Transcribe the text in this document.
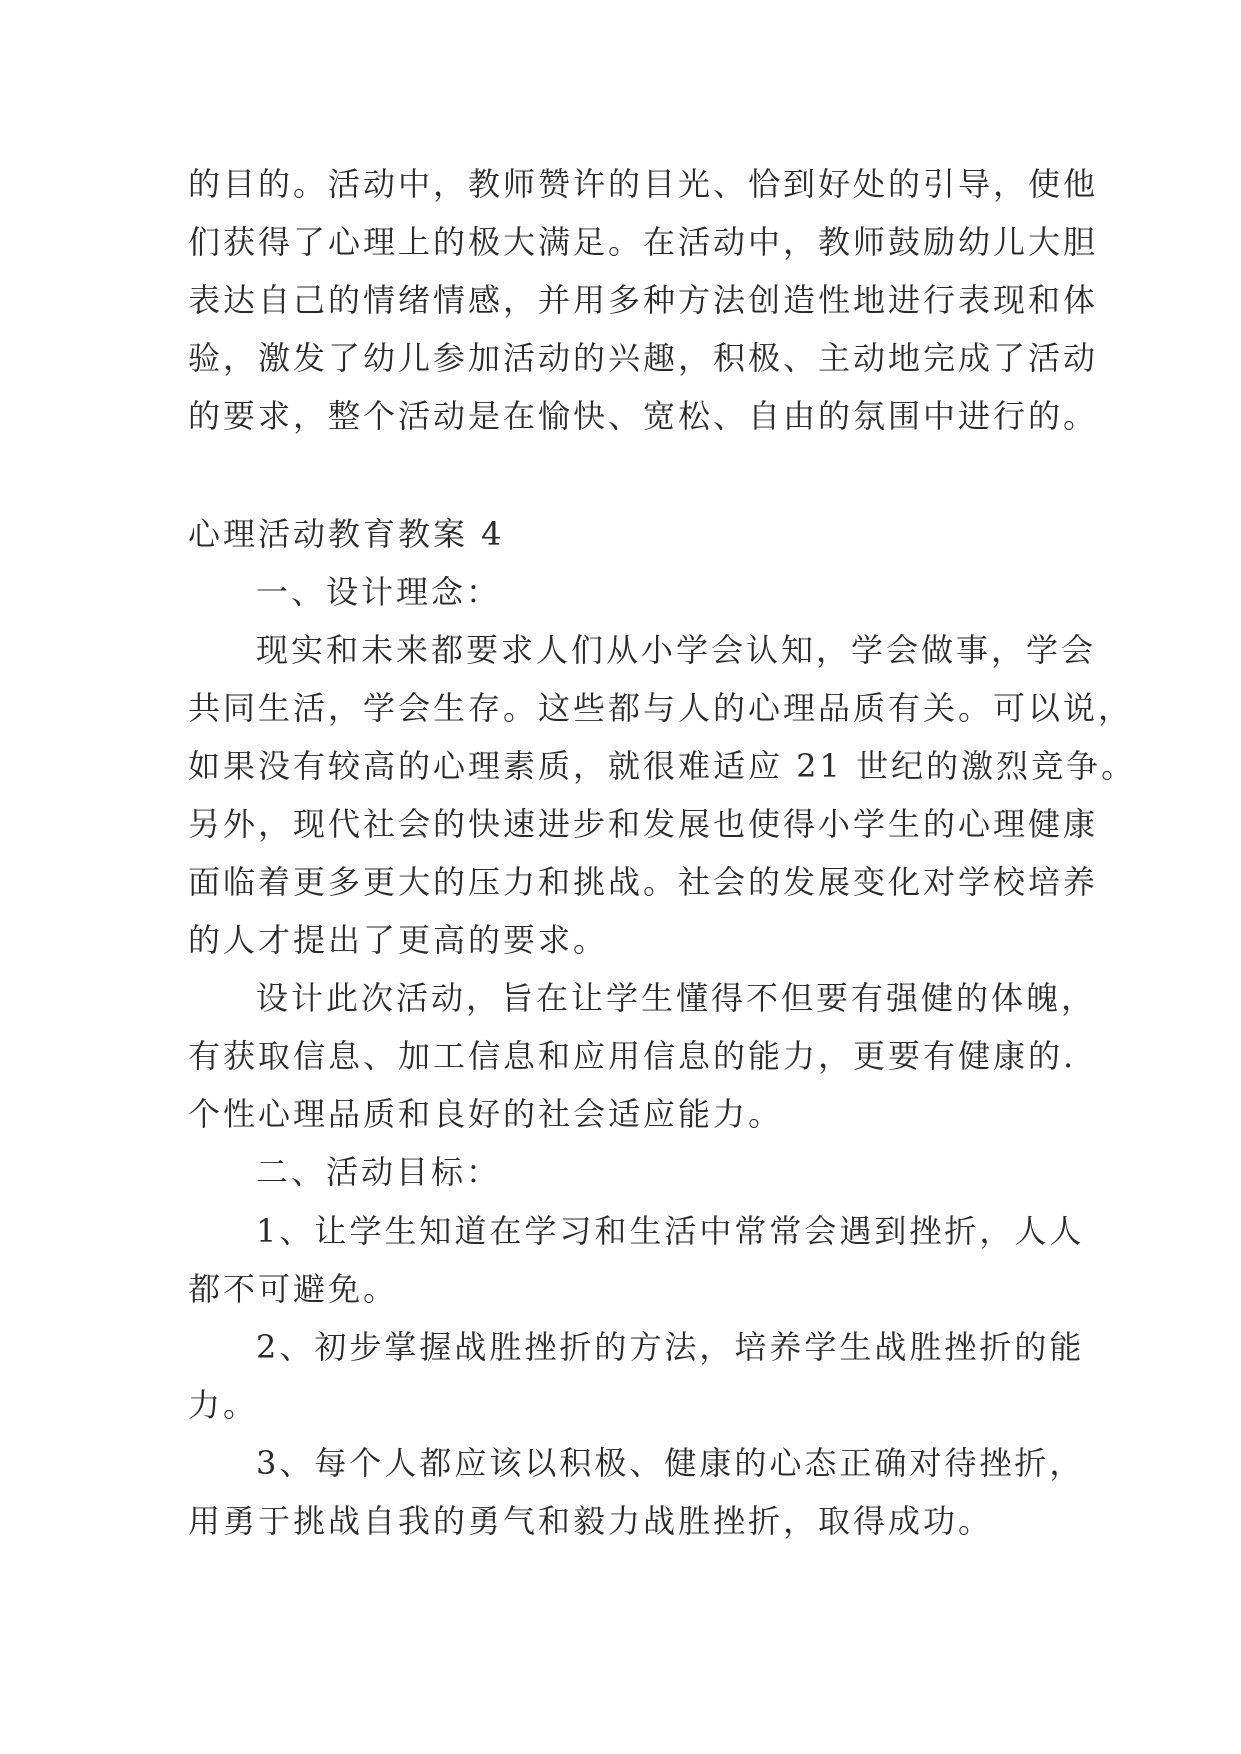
的目的。活动中，教师赞许的目光、恰到好处的引导，使他
们获得了心理上的极大满足。在活动中，教师鼓励幼儿大胆
表达自己的情绪情感，并用多种方法创造性地进行表现和体
验，激发了幼儿参加活动的兴趣，积极、主动地完成了活动
的要求，整个活动是在愉快、宽松、自由的氛围中进行的。
心理活动教育教案 4
一、设计理念：
现实和未来都要求人们从小学会认知，学会做事，学会
共同生活，学会生存。这些都与人的心理品质有关。可以说，
如果没有较高的心理素质，就很难适应 21 世纪的激烈竞争。
另外，现代社会的快速进步和发展也使得小学生的心理健康
面临着更多更大的压力和挑战。社会的发展变化对学校培养
的人才提出了更高的要求。
设计此次活动，旨在让学生懂得不但要有强健的体魄，
有获取信息、加工信息和应用信息的能力，更要有健康的.
个性心理品质和良好的社会适应能力。
二、活动目标：
1、让学生知道在学习和生活中常常会遇到挫折，人人
都不可避免。
2、初步掌握战胜挫折的方法，培养学生战胜挫折的能
力。
3、每个人都应该以积极、健康的心态正确对待挫折，
用勇于挑战自我的勇气和毅力战胜挫折，取得成功。
